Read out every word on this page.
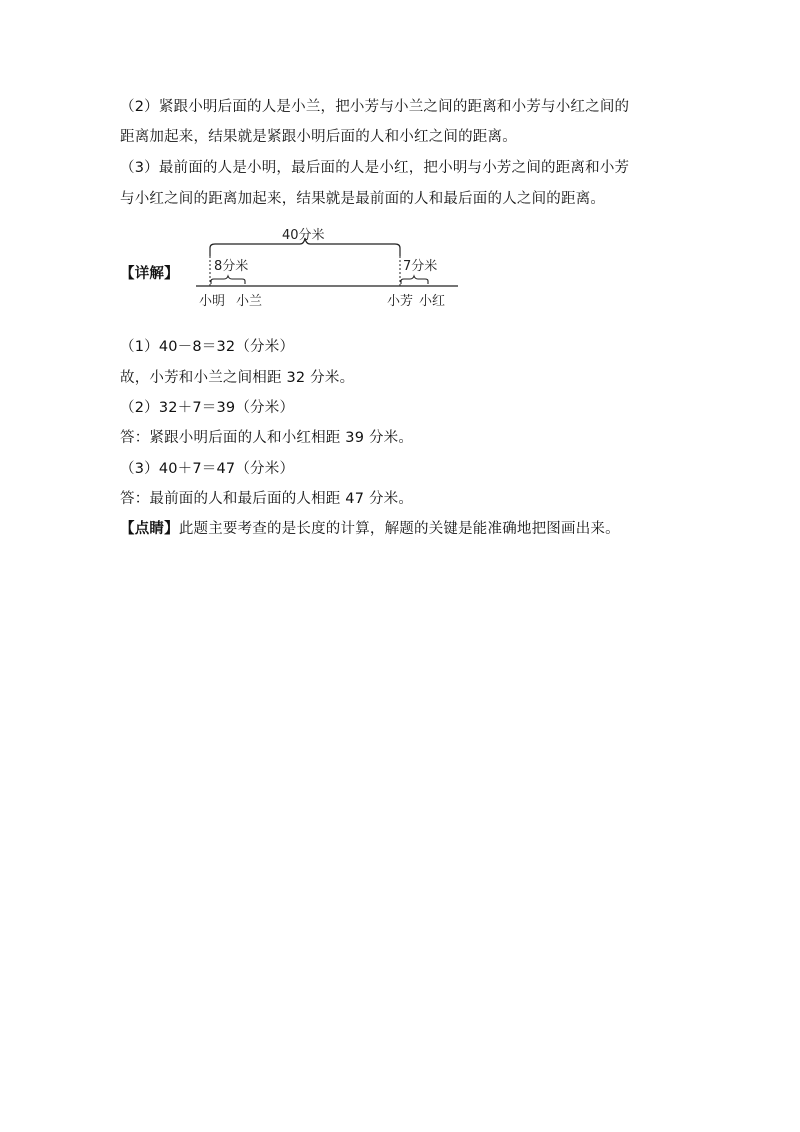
（2）紧跟小明后面的人是小兰，把小芳与小兰之间的距离和小芳与小红之间的
距离加起来，结果就是紧跟小明后面的人和小红之间的距离。
（3）最前面的人是小明，最后面的人是小红，把小明与小芳之间的距离和小芳
与小红之间的距离加起来，结果就是最前面的人和最后面的人之间的距离。
【详解】
40分米
8分米	7分米
小明 小兰	小芳 小红
（1）40－8＝32（分米）
故，小芳和小兰之间相距 32 分米。
（2）32＋7＝39（分米）
答：紧跟小明后面的人和小红相距 39 分米。
（3）40＋7＝47（分米）
答：最前面的人和最后面的人相距 47 分米。
【点睛】此题主要考查的是长度的计算，解题的关键是能准确地把图画出来。
